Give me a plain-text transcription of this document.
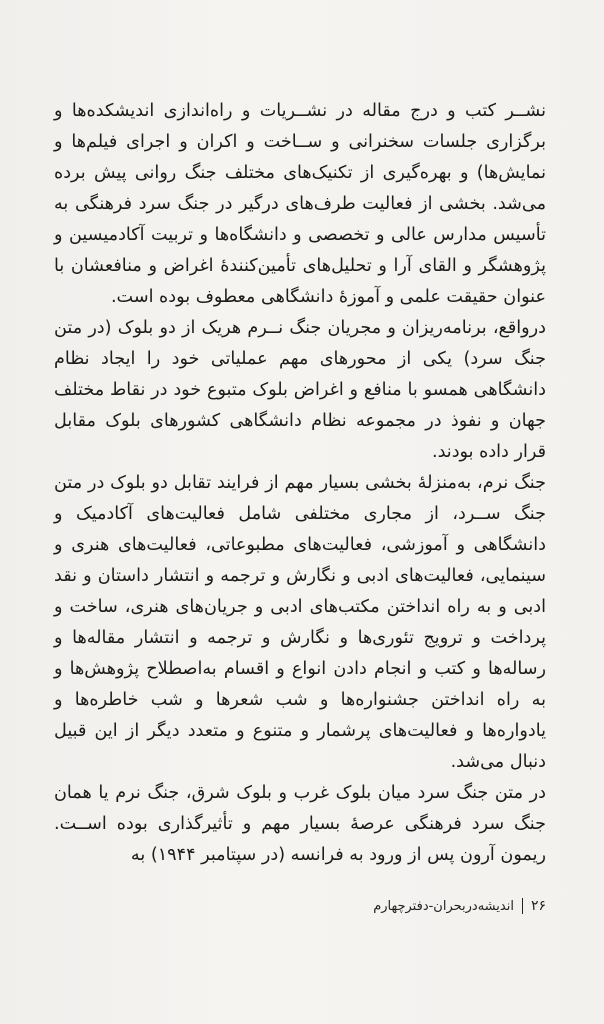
نشــر کتب و درج مقاله در نشــریات و راه‌اندازی اندیشکده‌ها و برگزاری جلسات سخنرانی و ســاخت و اکران و اجرای فیلم‌ها و نمایش‌ها) و بهره‌گیری از تکنیک‌های مختلف جنگ روانی پیش برده می‌شد. بخشی از فعالیت طرف‌های درگیر در جنگ سرد فرهنگی به تأسیس مدارس عالی و تخصصی و دانشگاه‌ها و تربیت آکادمیسین و پژوهشگر و القای آرا و تحلیل‌های تأمین‌کنندۀ اغراض و منافعشان با عنوان حقیقت علمی و آموزۀ دانشگاهی معطوف بوده است.

درواقع، برنامه‌ریزان و مجریان جنگ نــرم هریک از دو بلوک (در متن جنگ سرد) یکی از محورهای مهم عملیاتی خود را ایجاد نظام دانشگاهی همسو با منافع و اغراض بلوک متبوع خود در نقاط مختلف جهان و نفوذ در مجموعه نظام دانشگاهی کشورهای بلوک مقابل قرار داده بودند.

جنگ نرم، به‌منزلۀ بخشی بسیار مهم از فرایند تقابل دو بلوک در متن جنگ ســرد، از مجاری مختلفی شامل فعالیت‌های آکادمیک و دانشگاهی و آموزشی، فعالیت‌های مطبوعاتی، فعالیت‌های هنری و سینمایی، فعالیت‌های ادبی و نگارش و ترجمه و انتشار داستان و نقد ادبی و به راه انداختن مکتب‌های ادبی و جریان‌های هنری، ساخت و پرداخت و ترویج تئوری‌ها و نگارش و ترجمه و انتشار مقاله‌ها و رساله‌ها و کتب و انجام دادن انواع و اقسام به‌اصطلاح پژوهش‌ها و به راه انداختن جشنواره‌ها و شب شعرها و شب خاطره‌ها و یادواره‌ها و فعالیت‌های پرشمار و متنوع و متعدد دیگر از این قبیل دنبال می‌شد.

در متن جنگ سرد میان بلوک غرب و بلوک شرق، جنگ نرم یا همان جنگ سرد فرهنگی عرصۀ بسیار مهم و تأثیرگذاری بوده اســت. ریمون آرون پس از ورود به فرانسه (در سپتامبر ۱۹۴۴) به

۲۶
اندیشه‌دربحران-دفترچهارم
